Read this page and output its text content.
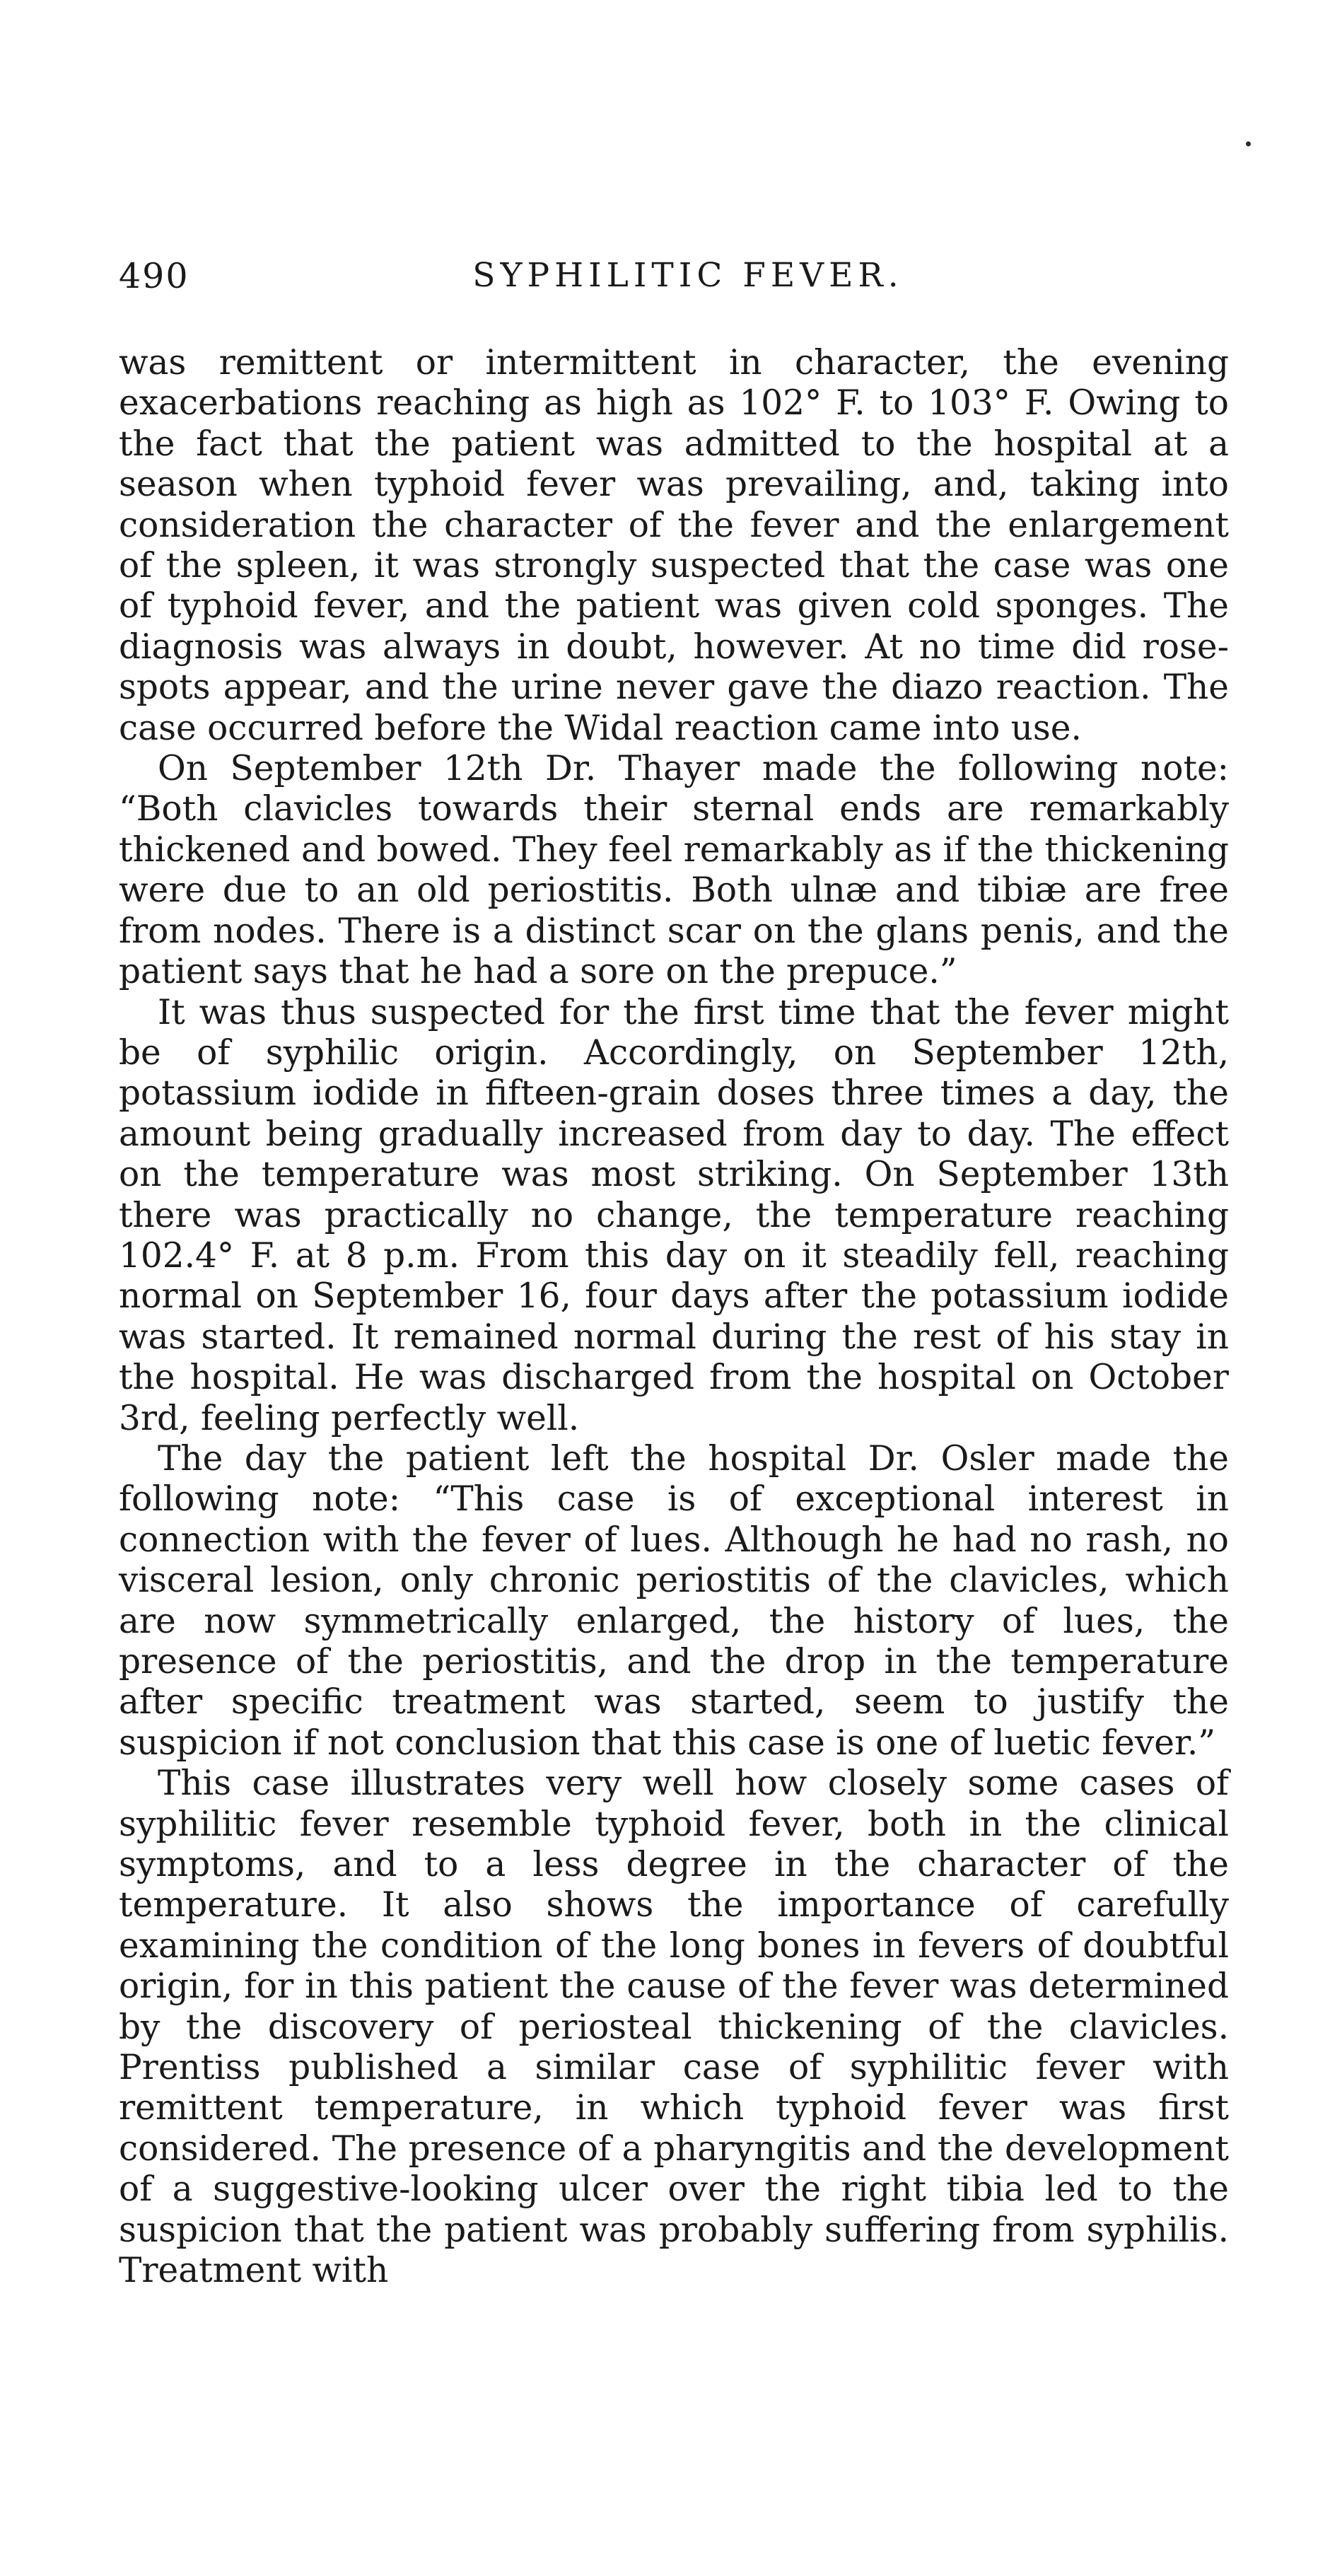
490	SYPHILITIC FEVER.

was remittent or intermittent in character, the evening exacerbations reaching as high as 102° F. to 103° F. Owing to the fact that the patient was admitted to the hospital at a season when typhoid fever was prevailing, and, taking into consideration the character of the fever and the enlargement of the spleen, it was strongly suspected that the case was one of typhoid fever, and the patient was given cold sponges. The diagnosis was always in doubt, however. At no time did rose-spots appear, and the urine never gave the diazo reaction. The case occurred before the Widal reaction came into use.

On September 12th Dr. Thayer made the following note: “Both clavicles towards their sternal ends are remarkably thickened and bowed. They feel remarkably as if the thickening were due to an old periostitis. Both ulnæ and tibiæ are free from nodes. There is a distinct scar on the glans penis, and the patient says that he had a sore on the prepuce.”

It was thus suspected for the first time that the fever might be of syphilic origin. Accordingly, on September 12th, potassium iodide in fifteen-grain doses three times a day, the amount being gradually increased from day to day. The effect on the temperature was most striking. On September 13th there was practically no change, the temperature reaching 102.4° F. at 8 p.m. From this day on it steadily fell, reaching normal on September 16, four days after the potassium iodide was started. It remained normal during the rest of his stay in the hospital. He was discharged from the hospital on October 3rd, feeling perfectly well.

The day the patient left the hospital Dr. Osler made the following note: “This case is of exceptional interest in connection with the fever of lues. Although he had no rash, no visceral lesion, only chronic periostitis of the clavicles, which are now symmetrically enlarged, the history of lues, the presence of the periostitis, and the drop in the temperature after specific treatment was started, seem to justify the suspicion if not conclusion that this case is one of luetic fever.”

This case illustrates very well how closely some cases of syphilitic fever resemble typhoid fever, both in the clinical symptoms, and to a less degree in the character of the temperature. It also shows the importance of carefully examining the condition of the long bones in fevers of doubtful origin, for in this patient the cause of the fever was determined by the discovery of periosteal thickening of the clavicles. Prentiss published a similar case of syphilitic fever with remittent temperature, in which typhoid fever was first considered. The presence of a pharyngitis and the development of a suggestive-looking ulcer over the right tibia led to the suspicion that the patient was probably suffering from syphilis. Treatment with
